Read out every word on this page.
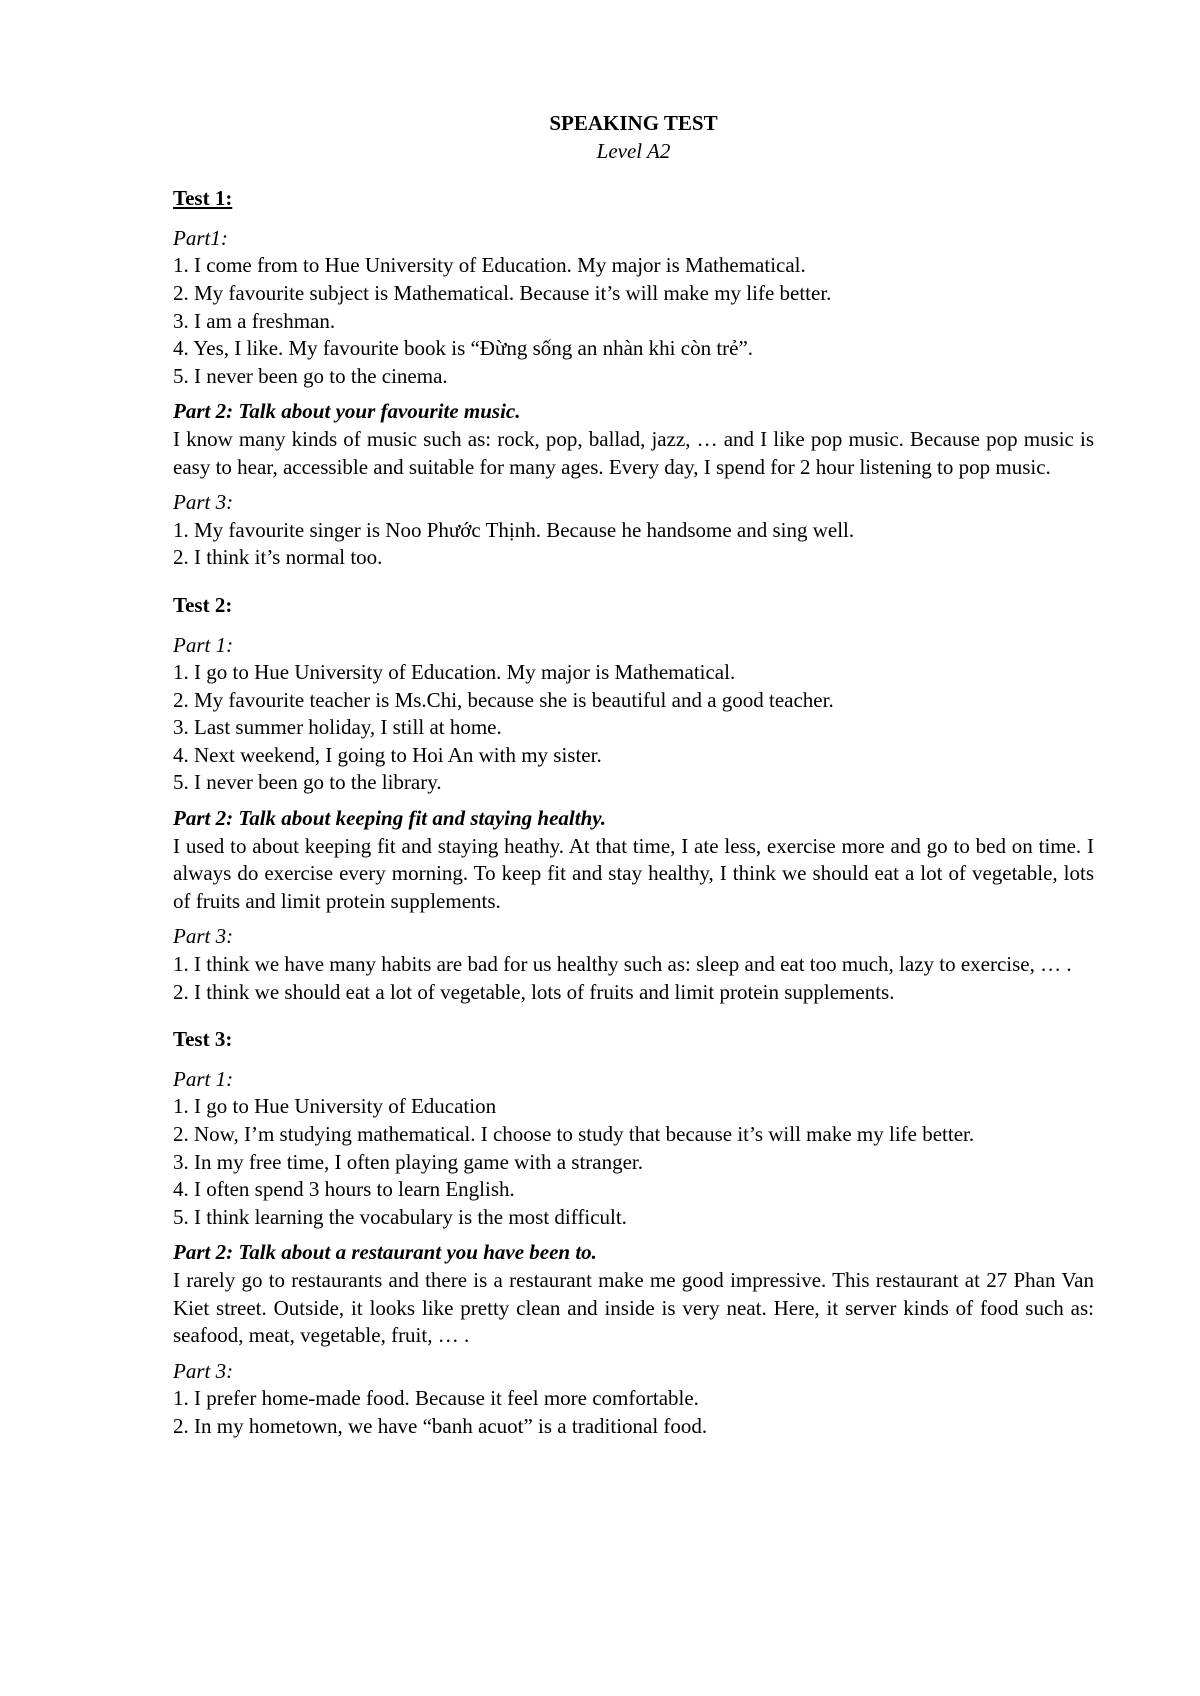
SPEAKING TEST
Level A2
Test 1:
Part1:
1. I come from to Hue University of Education. My major is Mathematical.
2. My favourite subject is Mathematical. Because it’s will make my life better.
3. I am a freshman.
4. Yes, I like. My favourite book is “Đừng sống an nhàn khi còn trẻ”.
5. I never been go to the cinema.
Part 2: Talk about your favourite music.
I know many kinds of music such as: rock, pop, ballad, jazz, … and I like pop music. Because pop music is easy to hear, accessible and suitable for many ages. Every day, I spend for 2 hour listening to pop music.
Part 3:
1. My favourite singer is Noo Phước Thịnh. Because he handsome and sing well.
2. I think it’s normal too.
Test 2:
Part 1:
1. I go to Hue University of Education. My major is Mathematical.
2. My favourite teacher is Ms.Chi, because she is beautiful and a good teacher.
3. Last summer holiday, I still at home.
4. Next weekend, I going to Hoi An with my sister.
5. I never been go to the library.
Part 2: Talk about keeping fit and staying healthy.
I used to about keeping fit and staying heathy. At that time, I ate less, exercise more and go to bed on time. I always do exercise every morning. To keep fit and stay healthy, I think we should eat a lot of vegetable, lots of fruits and limit protein supplements.
Part 3:
1. I think we have many habits are bad for us healthy such as: sleep and eat too much, lazy to exercise, … .
2. I think we should eat a lot of vegetable, lots of fruits and limit protein supplements.
Test 3:
Part 1:
1. I go to Hue University of Education
2. Now, I’m studying mathematical. I choose to study that because it’s will make my life better.
3. In my free time, I often playing game with a stranger.
4. I often spend 3 hours to learn English.
5. I think learning the vocabulary is the most difficult.
Part 2: Talk about a restaurant you have been to.
I rarely go to restaurants and there is a restaurant make me good impressive. This restaurant at 27 Phan Van Kiet street. Outside, it looks like pretty clean and inside is very neat. Here, it server kinds of food such as: seafood, meat, vegetable, fruit, … .
Part 3:
1. I prefer home-made food. Because it feel more comfortable.
2. In my hometown, we have “banh acuot” is a traditional food.
